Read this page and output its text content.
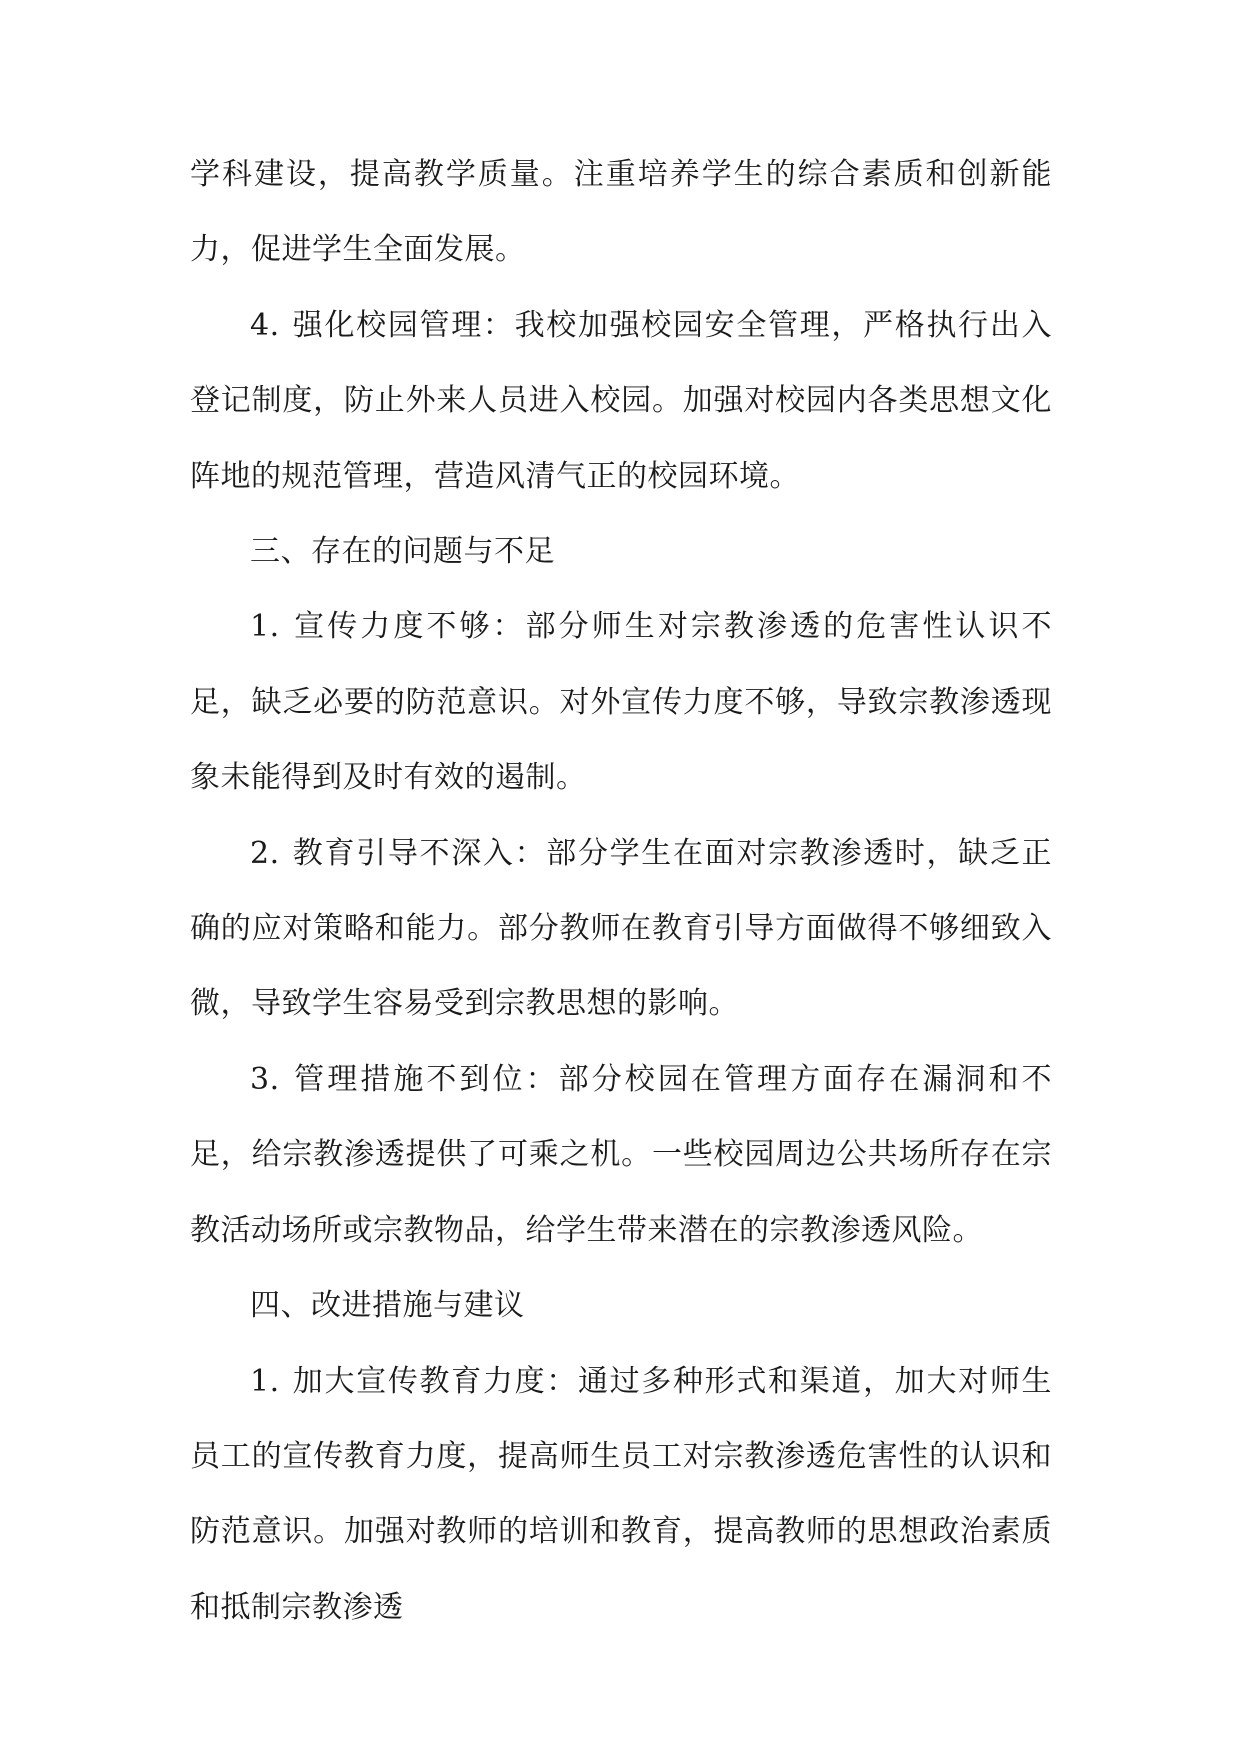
学科建设，提高教学质量。注重培养学生的综合素质和创新能力，促进学生全面发展。

4. 强化校园管理：我校加强校园安全管理，严格执行出入登记制度，防止外来人员进入校园。加强对校园内各类思想文化阵地的规范管理，营造风清气正的校园环境。

三、存在的问题与不足

1. 宣传力度不够：部分师生对宗教渗透的危害性认识不足，缺乏必要的防范意识。对外宣传力度不够，导致宗教渗透现象未能得到及时有效的遏制。

2. 教育引导不深入：部分学生在面对宗教渗透时，缺乏正确的应对策略和能力。部分教师在教育引导方面做得不够细致入微，导致学生容易受到宗教思想的影响。

3. 管理措施不到位：部分校园在管理方面存在漏洞和不足，给宗教渗透提供了可乘之机。一些校园周边公共场所存在宗教活动场所或宗教物品，给学生带来潜在的宗教渗透风险。

四、改进措施与建议

1. 加大宣传教育力度：通过多种形式和渠道，加大对师生员工的宣传教育力度，提高师生员工对宗教渗透危害性的认识和防范意识。加强对教师的培训和教育，提高教师的思想政治素质和抵制宗教渗透
